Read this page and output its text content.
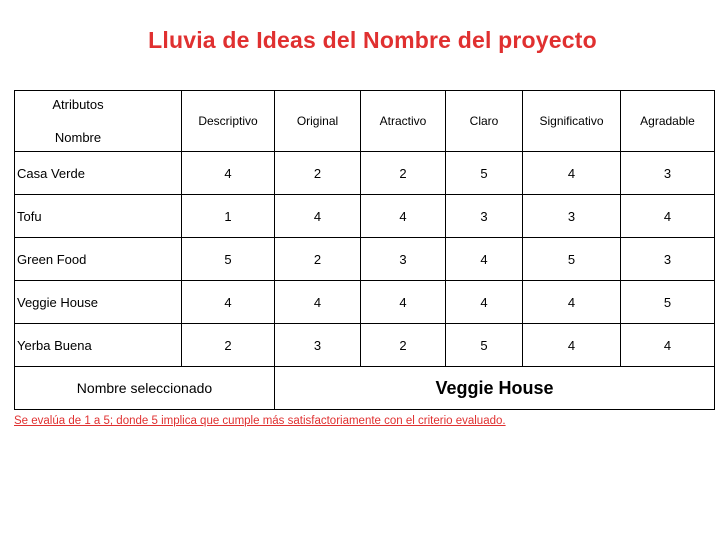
Lluvia de Ideas del Nombre del proyecto
Atributos
Nombre	Descriptivo	Original	Atractivo	Claro	Significativo	Agradable
Casa Verde	4	2	2	5	4	3
Tofu	1	4	4	3	3	4
Green Food	5	2	3	4	5	3
Veggie House	4	4	4	4	4	5
Yerba Buena	2	3	2	5	4	4
Nombre seleccionado		Veggie House				
Se evalúa de 1 a 5; donde 5 implica que cumple más satisfactoriamente con el criterio evaluado.
